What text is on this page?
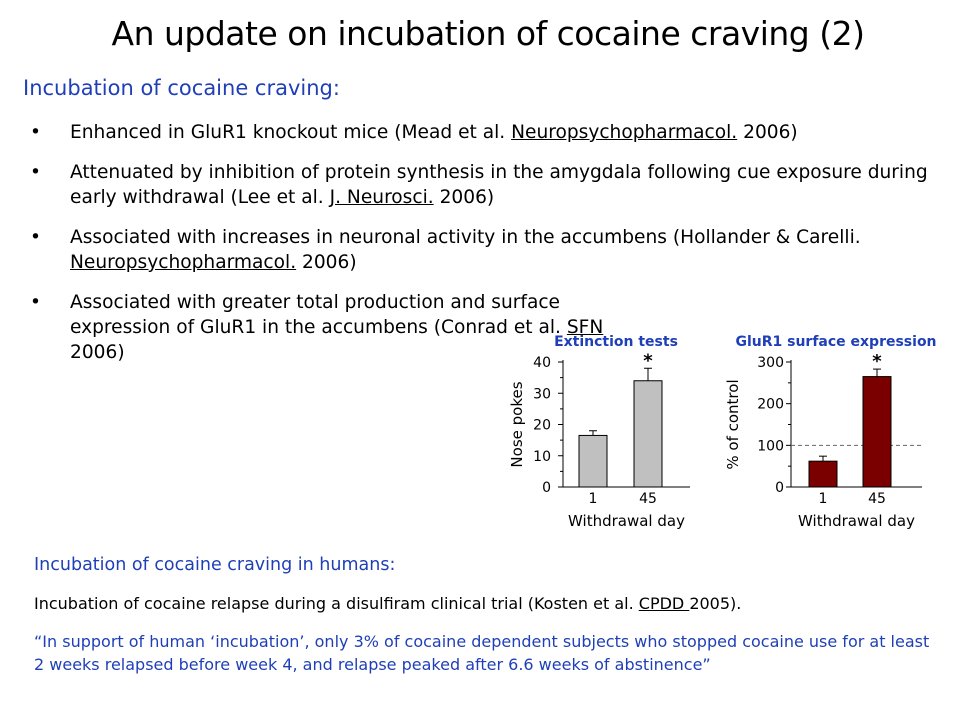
An update on incubation of cocaine craving (2)
Incubation of cocaine craving:
• Enhanced in GluR1 knockout mice (Mead et al. Neuropsychopharmacol. 2006)
• Attenuated by inhibition of protein synthesis in the amygdala following cue exposure during early withdrawal (Lee et al. J. Neurosci. 2006)
• Associated with increases in neuronal activity in the accumbens (Hollander & Carelli. Neuropsychopharmacol. 2006)
• Associated with greater total production and surface expression of GluR1 in the accumbens (Conrad et al. SFN 2006)	Extinction tests
0
10
20
30
40
Nose pokes
1
*
45
Withdrawal day
GluR1 surface expression
0
100
200
300
% of control
1
*
45
Withdrawal day
Incubation of cocaine craving in humans:
Incubation of cocaine relapse during a disulfiram clinical trial (Kosten et al. CPDD 2005).
“In support of human ‘incubation’, only 3% of cocaine dependent subjects who stopped cocaine use for at least 2 weeks relapsed before week 4, and relapse peaked after 6.6 weeks of abstinence”
